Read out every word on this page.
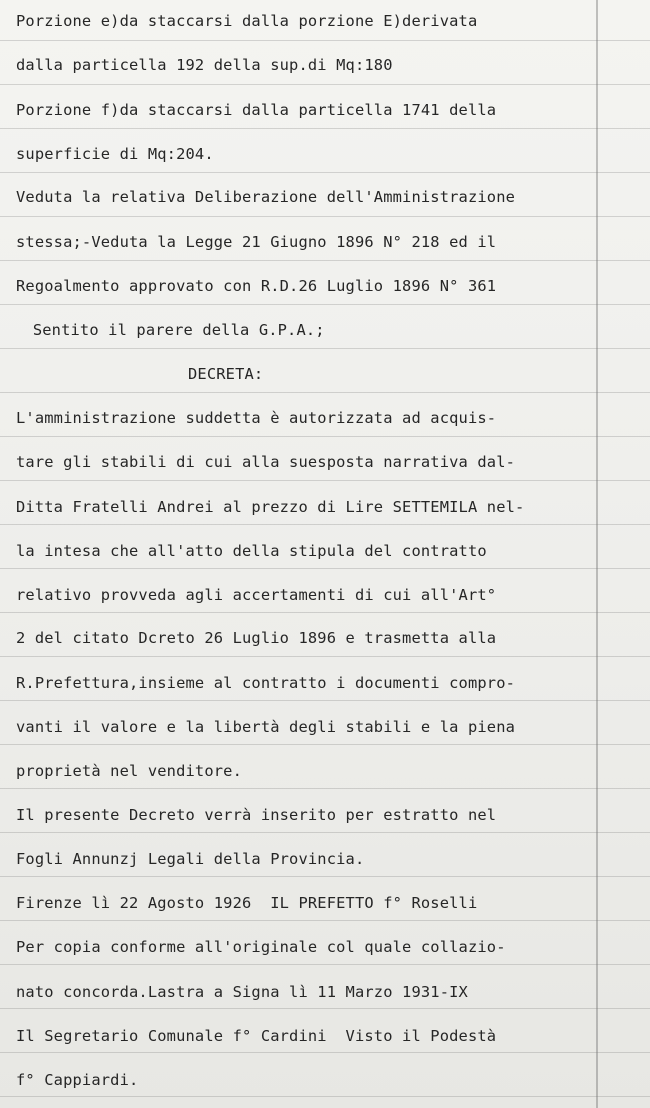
Porzione e)da staccarsi dalla porzione E)derivata
dalla particella 192 della sup.di Mq:180
Porzione f)da staccarsi dalla particella 1741 della
superficie di Mq:204.
Veduta la relativa Deliberazione dell'Amministrazione
stessa;-Veduta la Legge 21 Giugno 1896 N° 218 ed il
Regoalmento approvato con R.D.26 Luglio 1896 N° 361
Sentito il parere della G.P.A.;
DECRETA:
L'amministrazione suddetta è autorizzata ad acquis-
tare gli stabili di cui alla suesposta narrativa dal-
Ditta Fratelli Andrei al prezzo di Lire SETTEMILA nel-
la intesa che all'atto della stipula del contratto
relativo provveda agli accertamenti di cui all'Art°
2 del citato Dcreto 26 Luglio 1896 e trasmetta alla
R.Prefettura,insieme al contratto i documenti compro-
vanti il valore e la libertà degli stabili e la piena
proprietà nel venditore.
Il presente Decreto verrà inserito per estratto nel
Fogli Annunzj Legali della Provincia.
Firenze lì 22 Agosto 1926  IL PREFETTO f° Roselli
Per copia conforme all'originale col quale collazio-
nato concorda.Lastra a Signa lì 11 Marzo 1931-IX
Il Segretario Comunale f° Cardini  Visto il Podestà
f° Cappiardi.
